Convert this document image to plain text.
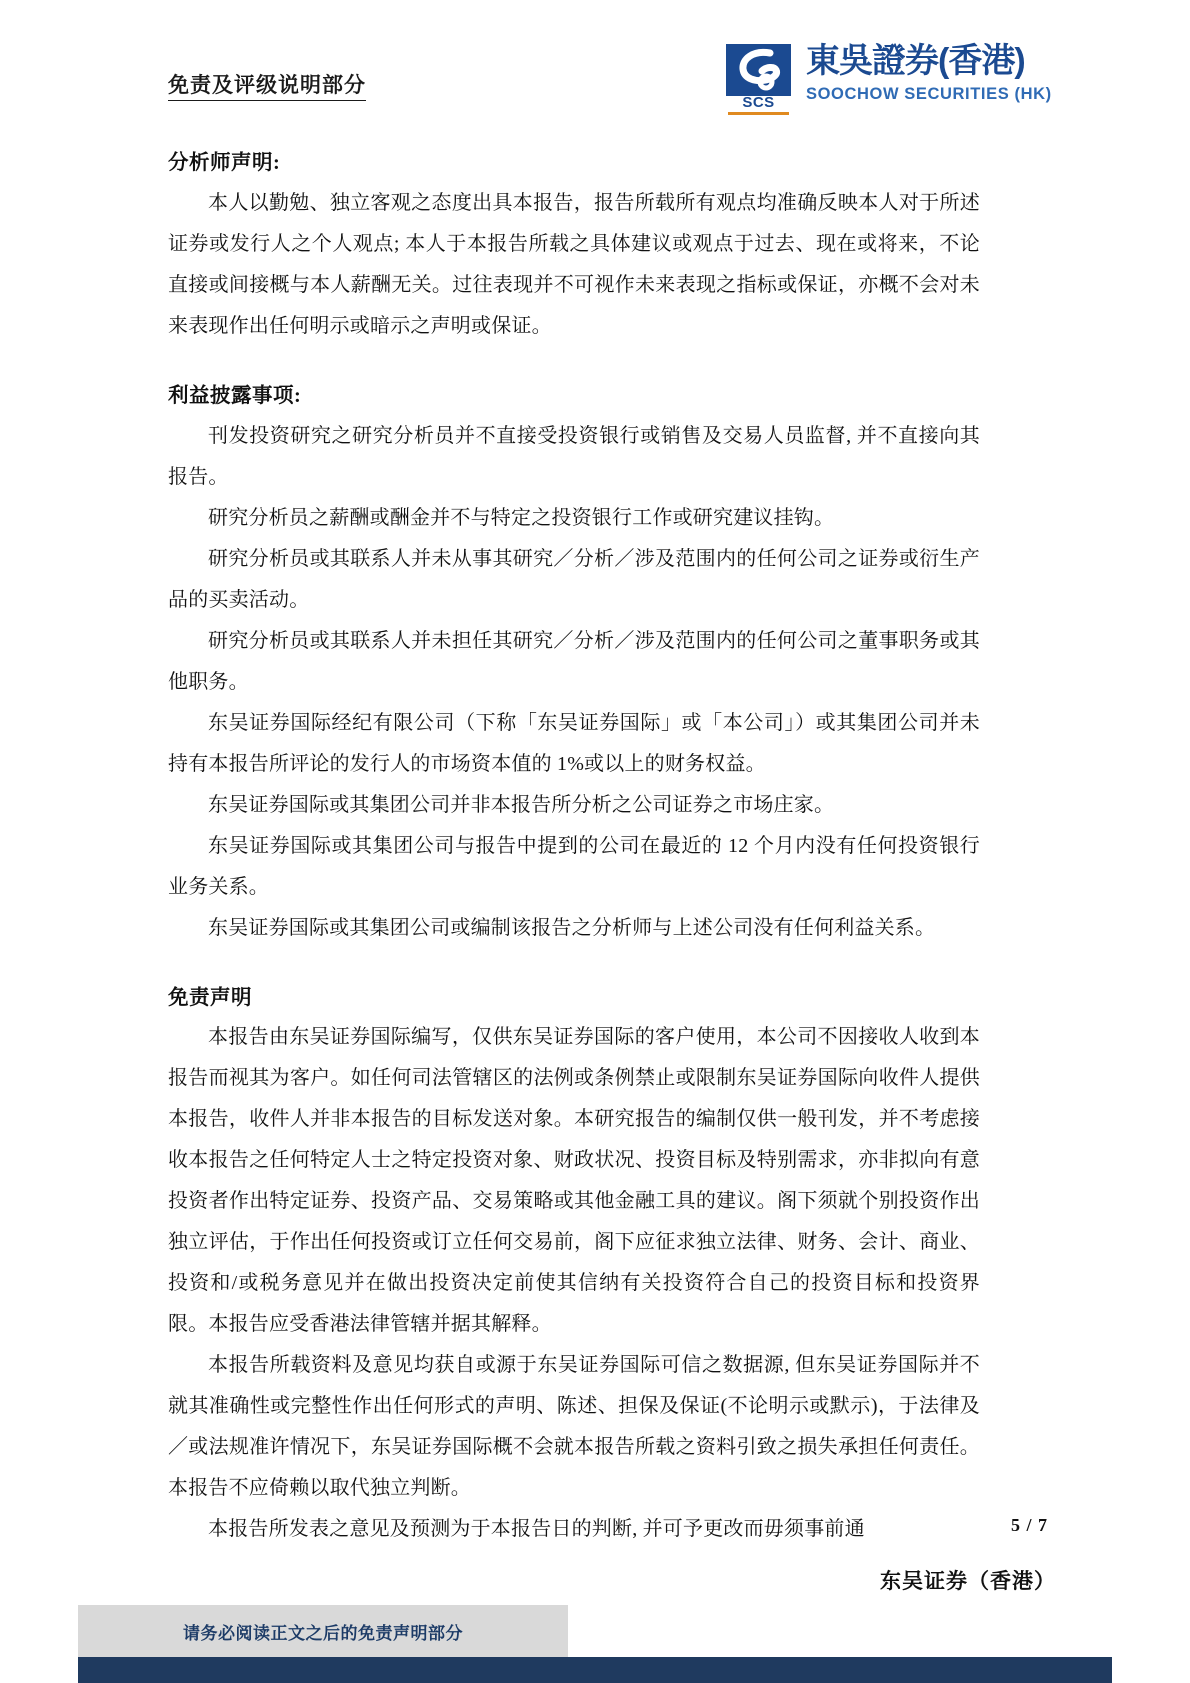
免责及评级说明部分
SCS
東吳證券(香港)
SOOCHOW SECURITIES (HK)
分析师声明:

本人以勤勉、独立客观之态度出具本报告，报告所载所有观点均准确反映本人对于所述证券或发行人之个人观点; 本人于本报告所载之具体建议或观点于过去、现在或将来，不论直接或间接概与本人薪酬无关。过往表现并不可视作未来表现之指标或保证，亦概不会对未来表现作出任何明示或暗示之声明或保证。

利益披露事项:

刊发投资研究之研究分析员并不直接受投资银行或销售及交易人员监督, 并不直接向其报告。

研究分析员之薪酬或酬金并不与特定之投资银行工作或研究建议挂钩。

研究分析员或其联系人并未从事其研究／分析／涉及范围内的任何公司之证券或衍生产品的买卖活动。

研究分析员或其联系人并未担任其研究／分析／涉及范围内的任何公司之董事职务或其他职务。

东吴证券国际经纪有限公司（下称「东吴证券国际」或「本公司」）或其集团公司并未持有本报告所评论的发行人的市场资本值的 1%或以上的财务权益。

东吴证券国际或其集团公司并非本报告所分析之公司证券之市场庄家。

东吴证券国际或其集团公司与报告中提到的公司在最近的 12 个月内没有任何投资银行业务关系。

东吴证券国际或其集团公司或编制该报告之分析师与上述公司没有任何利益关系。

免责声明

本报告由东吴证券国际编写，仅供东吴证券国际的客户使用，本公司不因接收人收到本报告而视其为客户。如任何司法管辖区的法例或条例禁止或限制东吴证券国际向收件人提供本报告，收件人并非本报告的目标发送对象。本研究报告的编制仅供一般刊发，并不考虑接收本报告之任何特定人士之特定投资对象、财政状况、投资目标及特别需求，亦非拟向有意投资者作出特定证券、投资产品、交易策略或其他金融工具的建议。阁下须就个别投资作出独立评估，于作出任何投资或订立任何交易前，阁下应征求独立法律、财务、会计、商业、投资和/或税务意见并在做出投资决定前使其信纳有关投资符合自己的投资目标和投资界限。本报告应受香港法律管辖并据其解释。

本报告所载资料及意见均获自或源于东吴证券国际可信之数据源, 但东吴证券国际并不就其准确性或完整性作出任何形式的声明、陈述、担保及保证(不论明示或默示)，于法律及／或法规准许情况下，东吴证券国际概不会就本报告所载之资料引致之损失承担任何责任。本报告不应倚赖以取代独立判断。

本报告所发表之意见及预测为于本报告日的判断, 并可予更改而毋须事前通	5 / 7
东吴证券（香港）
请务必阅读正文之后的免责声明部分
